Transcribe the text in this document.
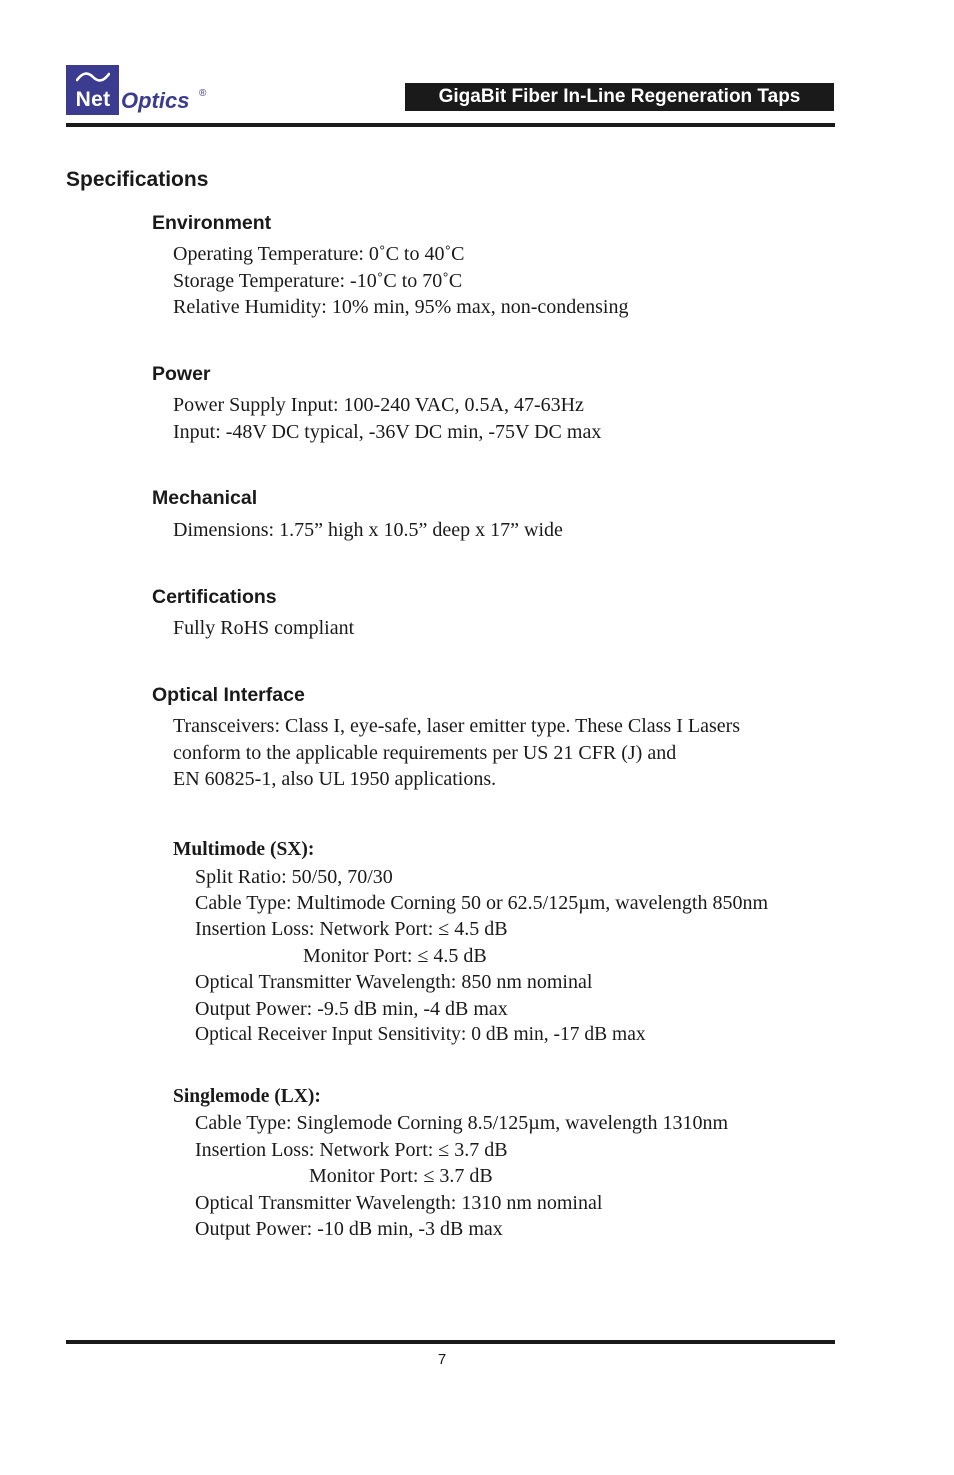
Net Optics ®	GigaBit Fiber In-Line Regeneration Taps
Specifications
Environment
Operating Temperature: 0˚C to 40˚C
Storage Temperature: -10˚C to 70˚C
Relative Humidity: 10% min, 95% max, non-condensing
Power
Power Supply Input: 100-240 VAC, 0.5A, 47-63Hz
Input: -48V DC typical, -36V DC min, -75V DC max
Mechanical
Dimensions: 1.75” high x 10.5” deep x 17” wide
Certifications
Fully RoHS compliant
Optical Interface
Transceivers: Class I, eye-safe, laser emitter type. These Class I Lasers
conform to the applicable requirements per US 21 CFR (J) and
EN 60825-1, also UL 1950 applications.
Multimode (SX):
Split Ratio: 50/50, 70/30
Cable Type: Multimode Corning 50 or 62.5/125µm, wavelength 850nm
Insertion Loss: Network Port: ≤ 4.5 dB
Monitor Port: ≤ 4.5 dB
Optical Transmitter Wavelength: 850 nm nominal
Output Power: -9.5 dB min, -4 dB max
Optical Receiver Input Sensitivity: 0 dB min, -17 dB max
Singlemode (LX):
Cable Type: Singlemode Corning 8.5/125µm, wavelength 1310nm
Insertion Loss: Network Port: ≤ 3.7 dB
Monitor Port: ≤ 3.7 dB
Optical Transmitter Wavelength: 1310 nm nominal
Output Power: -10 dB min, -3 dB max
7
